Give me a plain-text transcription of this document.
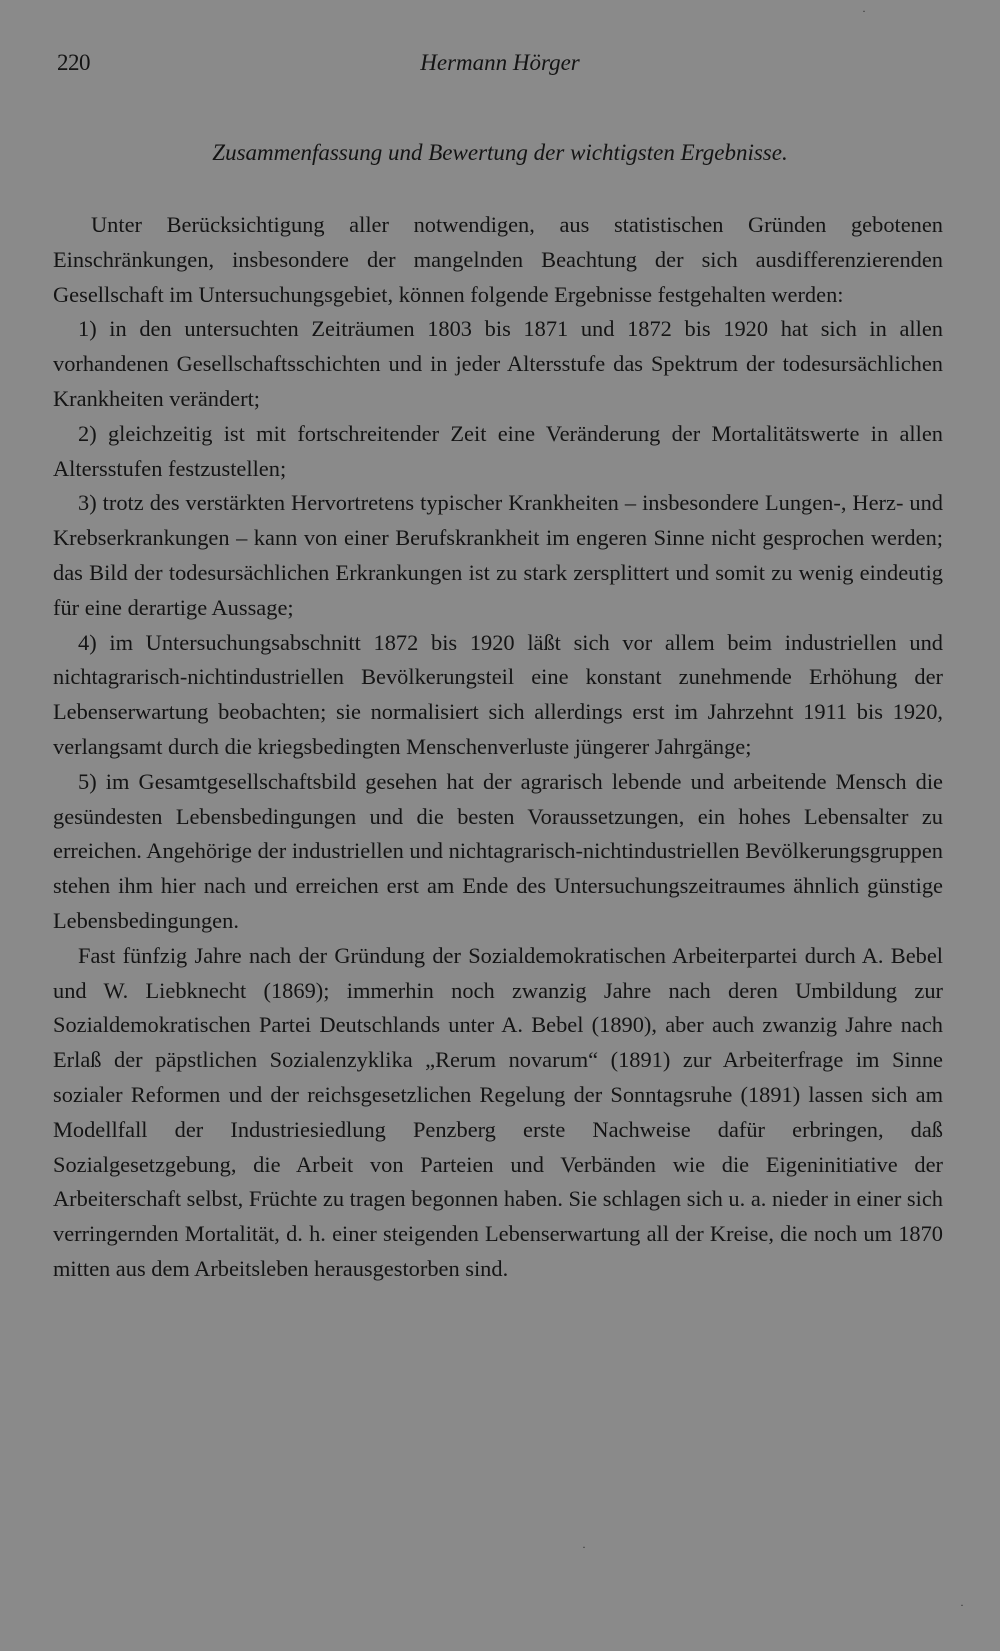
220	Hermann Hörger
Zusammenfassung und Bewertung der wichtigsten Ergebnisse.

Unter Berücksichtigung aller notwendigen, aus statistischen Gründen gebotenen Einschränkungen, insbesondere der mangelnden Beachtung der sich ausdifferenzierenden Gesellschaft im Untersuchungsgebiet, können folgende Ergebnisse festgehalten werden:

1) in den untersuchten Zeiträumen 1803 bis 1871 und 1872 bis 1920 hat sich in allen vorhandenen Gesellschaftsschichten und in jeder Altersstufe das Spektrum der todesursächlichen Krankheiten verändert;

2) gleichzeitig ist mit fortschreitender Zeit eine Veränderung der Mortalitätswerte in allen Altersstufen festzustellen;

3) trotz des verstärkten Hervortretens typischer Krankheiten – insbesondere Lungen-, Herz- und Krebserkrankungen – kann von einer Berufskrankheit im engeren Sinne nicht gesprochen werden; das Bild der todesursächlichen Erkrankungen ist zu stark zersplittert und somit zu wenig eindeutig für eine derartige Aussage;

4) im Untersuchungsabschnitt 1872 bis 1920 läßt sich vor allem beim industriellen und nichtagrarisch-nichtindustriellen Bevölkerungsteil eine konstant zunehmende Erhöhung der Lebenserwartung beobachten; sie normalisiert sich allerdings erst im Jahrzehnt 1911 bis 1920, verlangsamt durch die kriegsbedingten Menschenverluste jüngerer Jahrgänge;

5) im Gesamtgesellschaftsbild gesehen hat der agrarisch lebende und arbeitende Mensch die gesündesten Lebensbedingungen und die besten Voraussetzungen, ein hohes Lebensalter zu erreichen. Angehörige der industriellen und nichtagrarisch-nichtindustriellen Bevölkerungsgruppen stehen ihm hier nach und erreichen erst am Ende des Untersuchungszeitraumes ähnlich günstige Lebensbedingungen.

Fast fünfzig Jahre nach der Gründung der Sozialdemokratischen Arbeiterpartei durch A. Bebel und W. Liebknecht (1869); immerhin noch zwanzig Jahre nach deren Umbildung zur Sozialdemokratischen Partei Deutschlands unter A. Bebel (1890), aber auch zwanzig Jahre nach Erlaß der päpstlichen Sozialenzyklika „Rerum novarum“ (1891) zur Arbeiterfrage im Sinne sozialer Reformen und der reichsgesetzlichen Regelung der Sonntagsruhe (1891) lassen sich am Modellfall der Industriesiedlung Penzberg erste Nachweise dafür erbringen, daß Sozialgesetzgebung, die Arbeit von Parteien und Verbänden wie die Eigeninitiative der Arbeiterschaft selbst, Früchte zu tragen begonnen haben. Sie schlagen sich u. a. nieder in einer sich verringernden Mortalität, d. h. einer steigenden Lebenserwartung all der Kreise, die noch um 1870 mitten aus dem Arbeitsleben herausgestorben sind.

·
·
·
